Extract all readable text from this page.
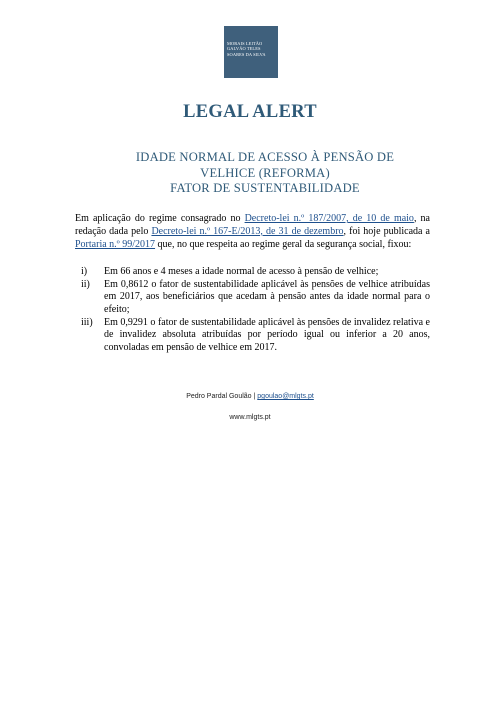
MORAIS LEITÃO
GALVÃO TELES
SOARES DA SILVA
LEGAL ALERT
IDADE NORMAL DE ACESSO À PENSÃO DE
VELHICE (REFORMA)
FATOR DE SUSTENTABILIDADE

Em aplicação do regime consagrado no Decreto-lei n.º 187/2007, de 10 de maio, na redação dada pelo Decreto-lei n.º 167-E/2013, de 31 de dezembro, foi hoje publicada a Portaria n.º 99/2017 que, no que respeita ao regime geral da segurança social, fixou:

i) Em 66 anos e 4 meses a idade normal de acesso à pensão de velhice;
ii) Em 0,8612 o fator de sustentabilidade aplicável às pensões de velhice atribuídas em 2017, aos beneficiários que acedam à pensão antes da idade normal para o efeito;
iii) Em 0,9291 o fator de sustentabilidade aplicável às pensões de invalidez relativa e de invalidez absoluta atribuídas por período igual ou inferior a 20 anos, convoladas em pensão de velhice em 2017.
Pedro Pardal Goulão | pgoulao@mlgts.pt
www.mlgts.pt
